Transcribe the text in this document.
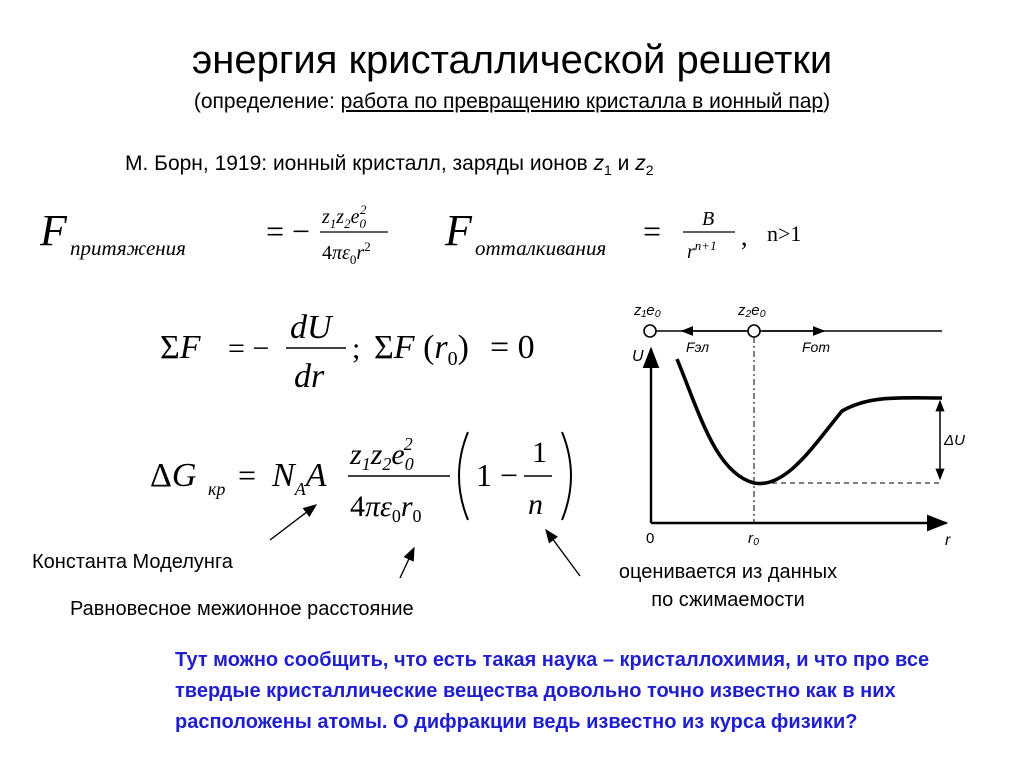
энергия кристаллической решетки
(определение: работа по превращению кристалла в ионный пар)
М. Борн, 1919: ионный кристалл, заряды ионов $z_1$ и $z_2$
F притяжения	= − $z_1z_2e_02$
$4\pi\varepsilon_0r^2$ F отталкивания = B
$r^{n+1}$ , n>1
ΣF = −
dU
dr
; ΣF $(r_0) = 0$
ΔG кр = $N_AA$
$z_1z_2e_02$
$4\pi\varepsilon_0r_0$
1 −
1
n
Константа Моделунга
Равновесное межионное расстояние
оценивается из данных
по сжимаемости
z₁e₀	z₂e₀
Fэл	Fот
U
r
0	r₀
ΔU
Тут можно сообщить, что есть такая наука – кристаллохимия, и что про все твердые кристаллические вещества довольно точно известно как в них расположены атомы. О дифракции ведь известно из курса физики?
